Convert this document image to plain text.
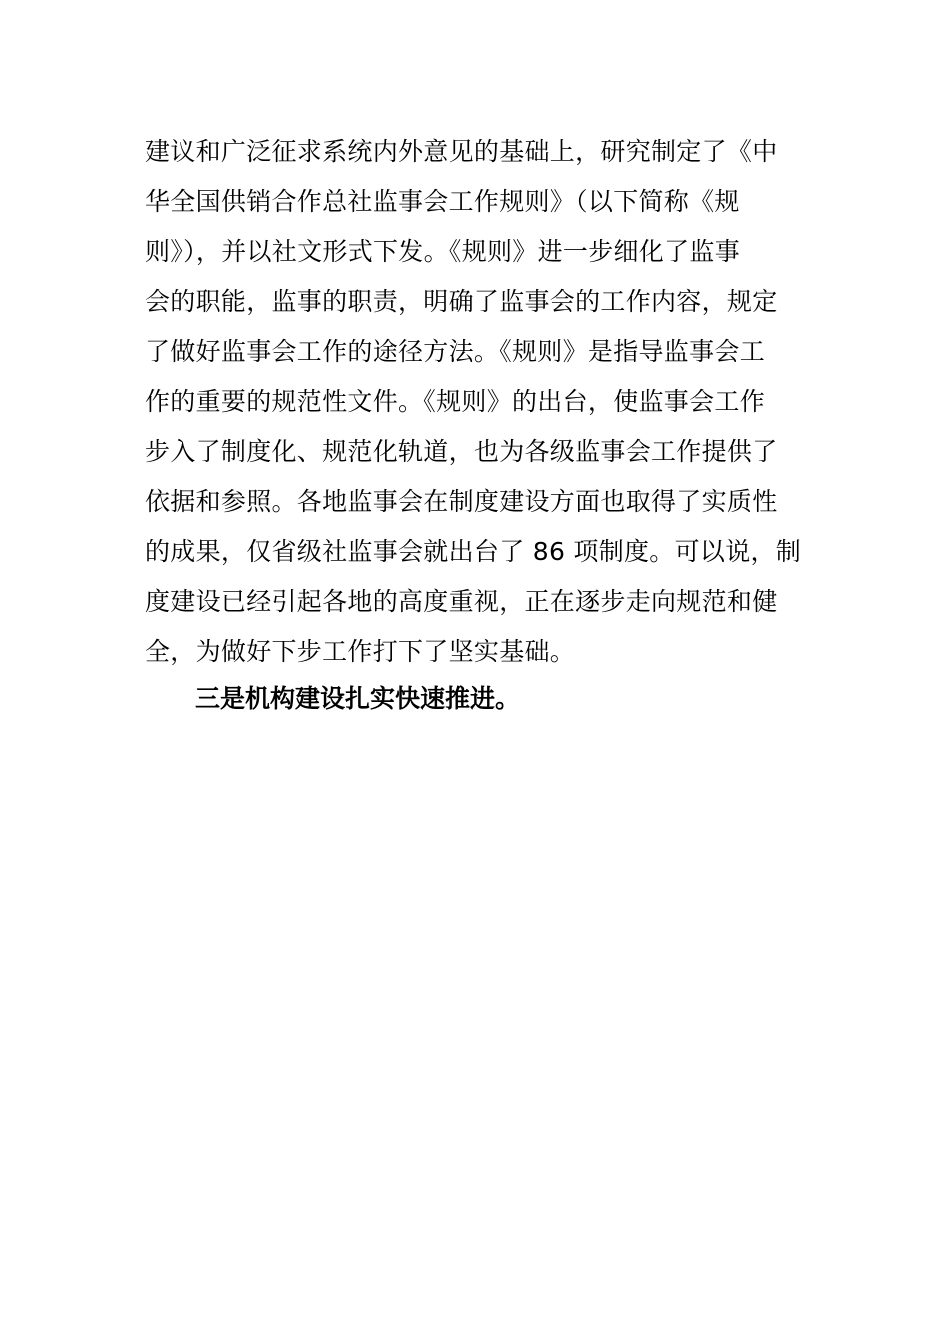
建议和广泛征求系统内外意见的基础上，研究制定了《中
华全国供销合作总社监事会工作规则》（以下简称《规
则》），并以社文形式下发。《规则》进一步细化了监事
会的职能，监事的职责，明确了监事会的工作内容，规定
了做好监事会工作的途径方法。《规则》是指导监事会工
作的重要的规范性文件。《规则》的出台，使监事会工作
步入了制度化、规范化轨道，也为各级监事会工作提供了
依据和参照。各地监事会在制度建设方面也取得了实质性
的成果，仅省级社监事会就出台了 86 项制度。可以说，制
度建设已经引起各地的高度重视，正在逐步走向规范和健
全，为做好下步工作打下了坚实基础。
三是机构建设扎实快速推进。
